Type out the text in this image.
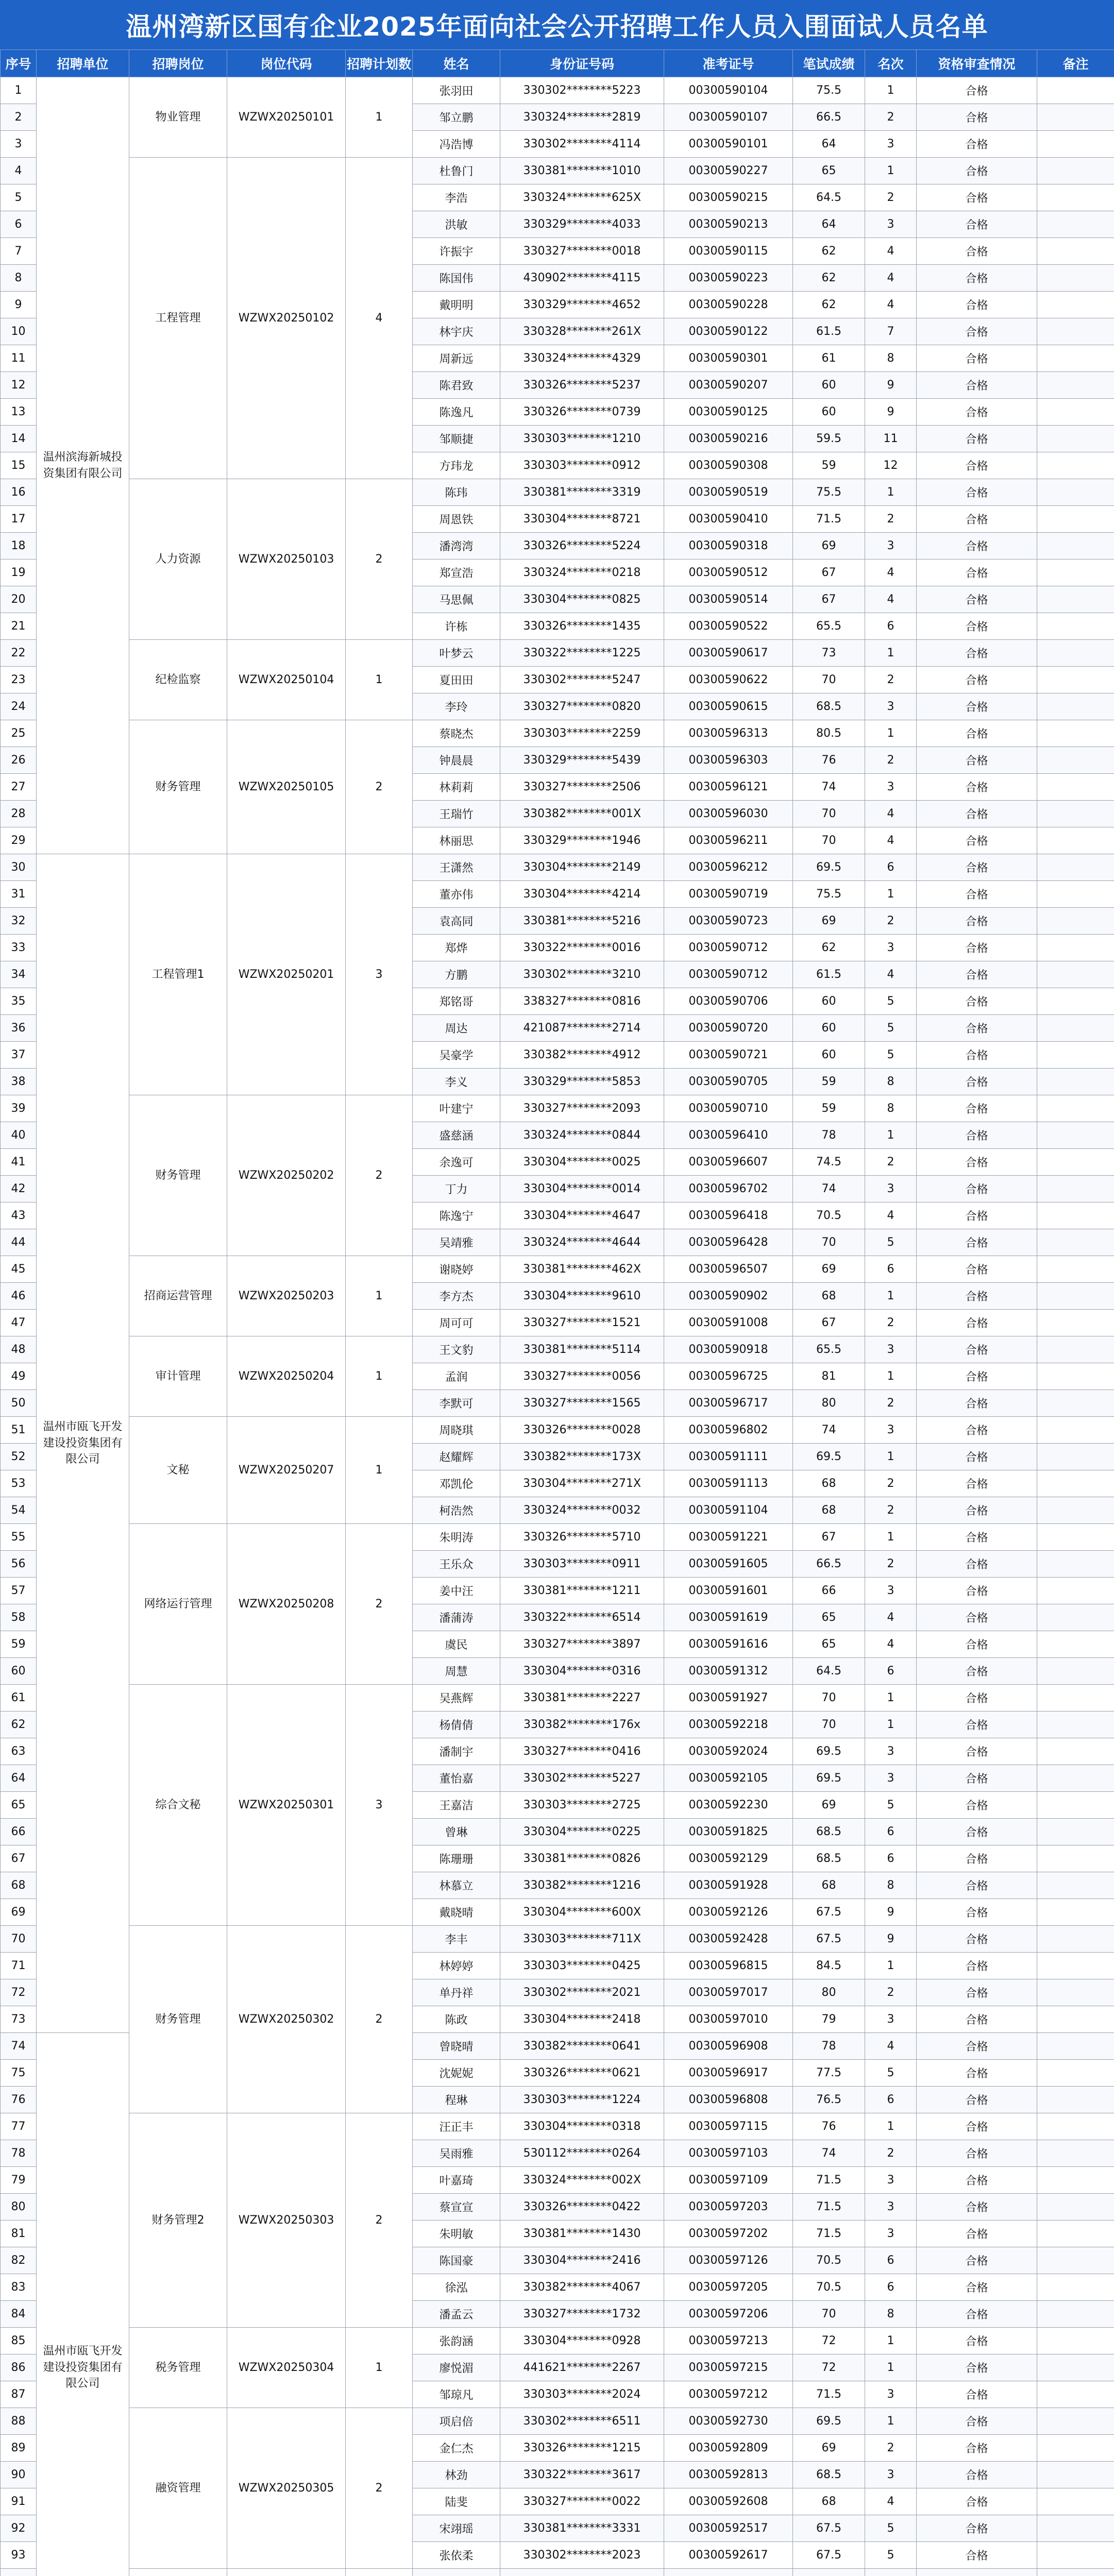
温州湾新区国有企业2025年面向社会公开招聘工作人员入围面试人员名单
序号	招聘单位	招聘岗位	岗位代码	招聘计划数	姓名	身份证号码	准考证号	笔试成绩	名次	资格审查情况	备注
1	温州滨海新城投资集团有限公司	物业管理	WZWX20250101	1	张羽田	330302********5223	00300590104	75.5	1	合格	
2					邹立鹏	330324********2819	00300590107	66.5	2	合格	
3					冯浩博	330302********4114	00300590101	64	3	合格	
4		工程管理	WZWX20250102	4	杜鲁门	330381********1010	00300590227	65	1	合格	
5					李浩	330324********625X	00300590215	64.5	2	合格	
6					洪敏	330329********4033	00300590213	64	3	合格	
7					许振宇	330327********0018	00300590115	62	4	合格	
8					陈国伟	430902********4115	00300590223	62	4	合格	
9					戴明明	330329********4652	00300590228	62	4	合格	
10					林宇庆	330328********261X	00300590122	61.5	7	合格	
11					周新远	330324********4329	00300590301	61	8	合格	
12					陈君致	330326********5237	00300590207	60	9	合格	
13					陈逸凡	330326********0739	00300590125	60	9	合格	
14					邹顺捷	330303********1210	00300590216	59.5	11	合格	
15					方玮龙	330303********0912	00300590308	59	12	合格	
16		人力资源	WZWX20250103	2	陈玮	330381********3319	00300590519	75.5	1	合格	
17					周恩铁	330304********8721	00300590410	71.5	2	合格	
18					潘湾湾	330326********5224	00300590318	69	3	合格	
19					郑宣浩	330324********0218	00300590512	67	4	合格	
20					马思佩	330304********0825	00300590514	67	4	合格	
21					许栋	330326********1435	00300590522	65.5	6	合格	
22		纪检监察	WZWX20250104	1	叶梦云	330322********1225	00300590617	73	1	合格	
23					夏田田	330302********5247	00300590622	70	2	合格	
24					李玲	330327********0820	00300590615	68.5	3	合格	
25		财务管理	WZWX20250105	2	蔡晓杰	330303********2259	00300596313	80.5	1	合格	
26					钟晨晨	330329********5439	00300596303	76	2	合格	
27					林莉莉	330327********2506	00300596121	74	3	合格	
28					王瑞竹	330382********001X	00300596030	70	4	合格	
29					林丽思	330329********1946	00300596211	70	4	合格	
30	温州市瓯飞开发建设投资集团有限公司	工程管理1	WZWX20250201	3	王潇然	330304********2149	00300596212	69.5	6	合格	
31					董亦伟	330304********4214	00300590719	75.5	1	合格	
32					袁高同	330381********5216	00300590723	69	2	合格	
33					郑烨	330322********0016	00300590712	62	3	合格	
34					方鹏	330302********3210	00300590712	61.5	4	合格	
35					郑铭哥	338327********0816	00300590706	60	5	合格	
36					周达	421087********2714	00300590720	60	5	合格	
37					吴豪学	330382********4912	00300590721	60	5	合格	
38					李义	330329********5853	00300590705	59	8	合格	
39		财务管理	WZWX20250202	2	叶建宁	330327********2093	00300590710	59	8	合格	
40					盛慈涵	330324********0844	00300596410	78	1	合格	
41					余逸可	330304********0025	00300596607	74.5	2	合格	
42					丁力	330304********0014	00300596702	74	3	合格	
43					陈逸宁	330304********4647	00300596418	70.5	4	合格	
44					吴靖雅	330324********4644	00300596428	70	5	合格	
45		招商运营管理	WZWX20250203	1	谢晓婷	330381********462X	00300596507	69	6	合格	
46					李方杰	330304********9610	00300590902	68	1	合格	
47					周可可	330327********1521	00300591008	67	2	合格	
48		审计管理	WZWX20250204	1	王文豹	330381********5114	00300590918	65.5	3	合格	
49					孟润	330327********0056	00300596725	81	1	合格	
50					李默可	330327********1565	00300596717	80	2	合格	
51		文秘	WZWX20250207	1	周晓琪	330326********0028	00300596802	74	3	合格	
52					赵耀辉	330382********173X	00300591111	69.5	1	合格	
53					邓凯伦	330304********271X	00300591113	68	2	合格	
54					柯浩然	330324********0032	00300591104	68	2	合格	
55		网络运行管理	WZWX20250208	2	朱明涛	330326********5710	00300591221	67	1	合格	
56					王乐众	330303********0911	00300591605	66.5	2	合格	
57					姜中汪	330381********1211	00300591601	66	3	合格	
58					潘蒲涛	330322********6514	00300591619	65	4	合格	
59					虞民	330327********3897	00300591616	65	4	合格	
60					周慧	330304********0316	00300591312	64.5	6	合格	
61		综合文秘	WZWX20250301	3	吴燕辉	330381********2227	00300591927	70	1	合格	
62					杨倩倩	330382********176x	00300592218	70	1	合格	
63					潘制宇	330327********0416	00300592024	69.5	3	合格	
64					董怡嘉	330302********5227	00300592105	69.5	3	合格	
65					王嘉洁	330303********2725	00300592230	69	5	合格	
66					曾琳	330304********0225	00300591825	68.5	6	合格	
67					陈珊珊	330381********0826	00300592129	68.5	6	合格	
68					林慕立	330382********1216	00300591928	68	8	合格	
69					戴晓晴	330304********600X	00300592126	67.5	9	合格	
70		财务管理	WZWX20250302	2	李丰	330303********711X	00300592428	67.5	9	合格	
71					林婷婷	330303********0425	00300596815	84.5	1	合格	
72					单丹祥	330302********2021	00300597017	80	2	合格	
73					陈政	330304********2418	00300597010	79	3	合格	
74	温州市瓯飞开发建设投资集团有限公司				曾晓晴	330382********0641	00300596908	78	4	合格	
75					沈妮妮	330326********0621	00300596917	77.5	5	合格	
76					程琳	330303********1224	00300596808	76.5	6	合格	
77		财务管理2	WZWX20250303	2	汪正丰	330304********0318	00300597115	76	1	合格	
78					吴雨雅	530112********0264	00300597103	74	2	合格	
79					叶嘉琦	330324********002X	00300597109	71.5	3	合格	
80					蔡宣宣	330326********0422	00300597203	71.5	3	合格	
81					朱明敏	330381********1430	00300597202	71.5	3	合格	
82					陈国豪	330304********2416	00300597126	70.5	6	合格	
83					徐泓	330382********4067	00300597205	70.5	6	合格	
84					潘孟云	330327********1732	00300597206	70	8	合格	
85		税务管理	WZWX20250304	1	张韵涵	330304********0928	00300597213	72	1	合格	
86					廖悦湄	441621********2267	00300597215	72	1	合格	
87					邹琼凡	330303********2024	00300597212	71.5	3	合格	
88		融资管理	WZWX20250305	2	项启倍	330302********6511	00300592730	69.5	1	合格	
89					金仁杰	330326********1215	00300592809	69	2	合格	
90					林劲	330322********3617	00300592813	68.5	3	合格	
91					陆斐	330327********0022	00300592608	68	4	合格	
92					宋翊瑶	330381********3331	00300592517	67.5	5	合格	
93					张依柔	330302********2023	00300592617	67.5	5	合格	
